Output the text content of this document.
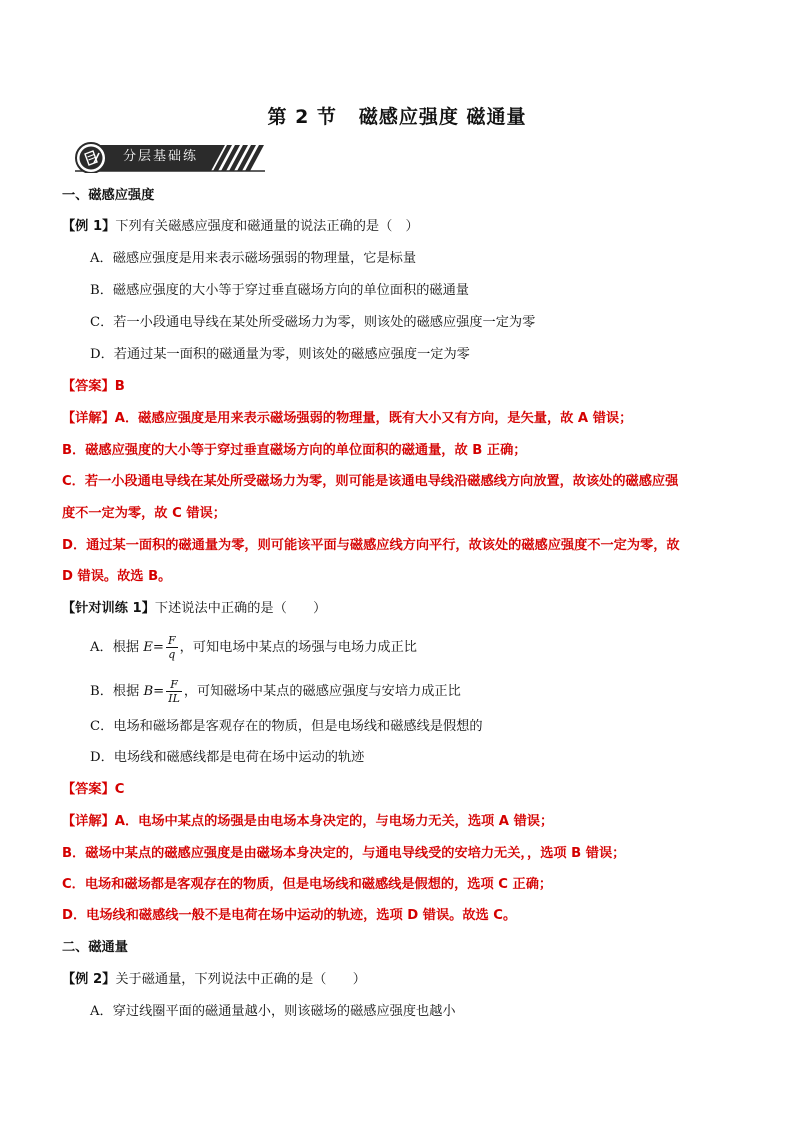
第 2 节 磁感应强度 磁通量
分层基础练
一、磁感应强度
【例 1】下列有关磁感应强度和磁通量的说法正确的是（　）
A．磁感应强度是用来表示磁场强弱的物理量，它是标量
B．磁感应强度的大小等于穿过垂直磁场方向的单位面积的磁通量
C．若一小段通电导线在某处所受磁场力为零，则该处的磁感应强度一定为零
D．若通过某一面积的磁通量为零，则该处的磁感应强度一定为零
【答案】B
【详解】A．磁感应强度是用来表示磁场强弱的物理量，既有大小又有方向，是矢量，故 A 错误；
B．磁感应强度的大小等于穿过垂直磁场方向的单位面积的磁通量，故 B 正确；
C．若一小段通电导线在某处所受磁场力为零，则可能是该通电导线沿磁感线方向放置，故该处的磁感应强
度不一定为零，故 C 错误；
D．通过某一面积的磁通量为零，则可能该平面与磁感应线方向平行，故该处的磁感应强度不一定为零，故
D 错误。故选 B。
【针对训练 1】下述说法中正确的是（　　）
A．根据 $E= \frac{F}{q}$ ，可知电场中某点的场强与电场力成正比
B．根据 $B= \frac{F}{IL}$ ，可知磁场中某点的磁感应强度与安培力成正比
C．电场和磁场都是客观存在的物质，但是电场线和磁感线是假想的
D．电场线和磁感线都是电荷在场中运动的轨迹
【答案】C
【详解】A．电场中某点的场强是由电场本身决定的，与电场力无关，选项 A 错误；
B．磁场中某点的磁感应强度是由磁场本身决定的，与通电导线受的安培力无关，，选项 B 错误；
C．电场和磁场都是客观存在的物质，但是电场线和磁感线是假想的，选项 C 正确；
D．电场线和磁感线一般不是电荷在场中运动的轨迹，选项 D 错误。故选 C。
二、磁通量
【例 2】关于磁通量，下列说法中正确的是（　　）
A．穿过线圈平面的磁通量越小，则该磁场的磁感应强度也越小
